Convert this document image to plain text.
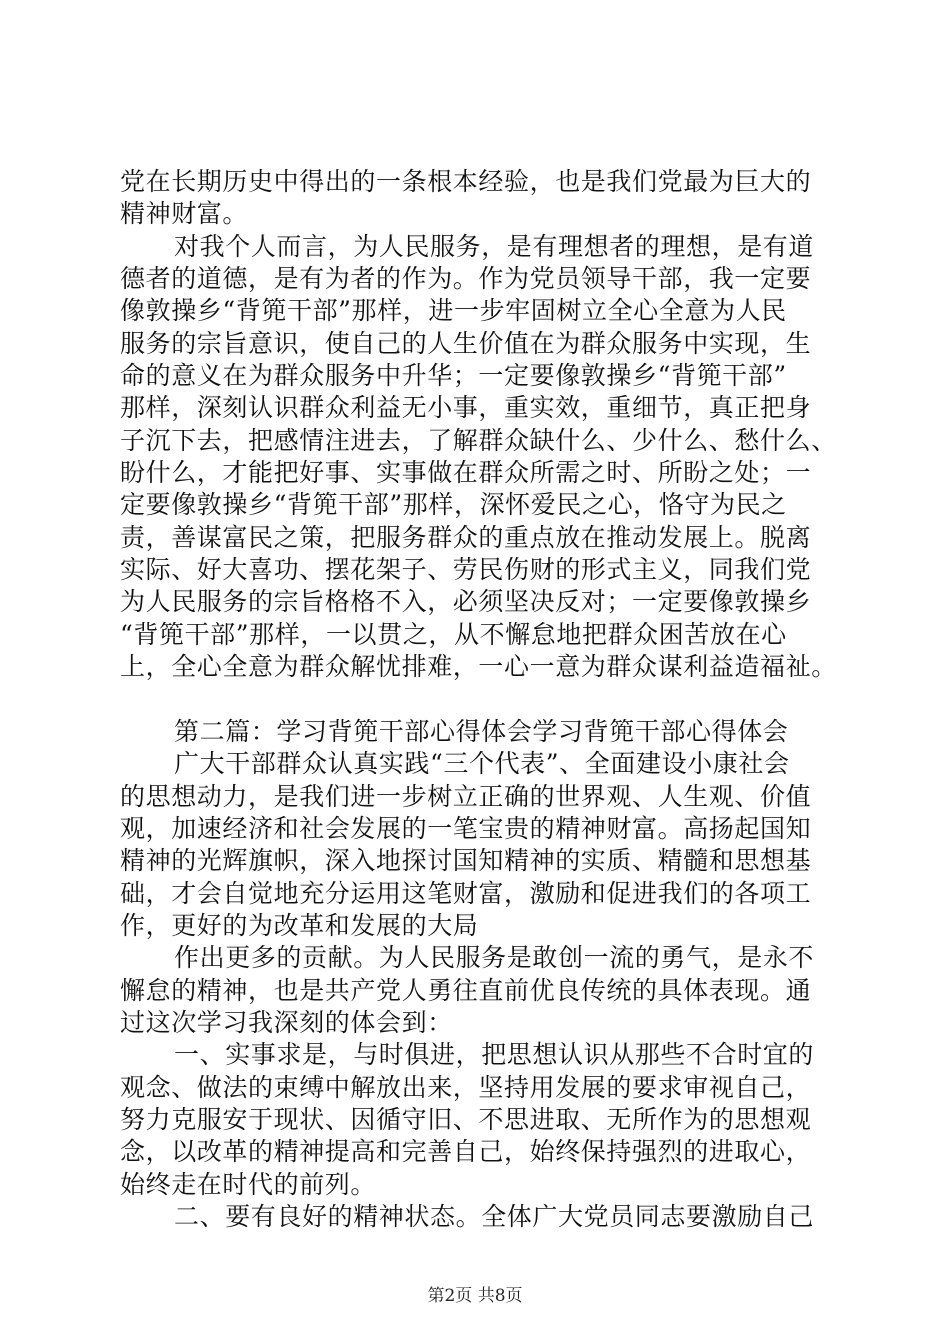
党在长期历史中得出的一条根本经验，也是我们党最为巨大的
精神财富。
对我个人而言，为人民服务，是有理想者的理想，是有道
德者的道德，是有为者的作为。作为党员领导干部，我一定要
像敦操乡“背篼干部”那样，进一步牢固树立全心全意为人民
服务的宗旨意识，使自己的人生价值在为群众服务中实现，生
命的意义在为群众服务中升华；一定要像敦操乡“背篼干部”
那样，深刻认识群众利益无小事，重实效，重细节，真正把身
子沉下去，把感情注进去，了解群众缺什么、少什么、愁什么、
盼什么，才能把好事、实事做在群众所需之时、所盼之处；一
定要像敦操乡“背篼干部”那样，深怀爱民之心，恪守为民之
责，善谋富民之策，把服务群众的重点放在推动发展上。脱离
实际、好大喜功、摆花架子、劳民伤财的形式主义，同我们党
为人民服务的宗旨格格不入，必须坚决反对；一定要像敦操乡
“背篼干部”那样，一以贯之，从不懈怠地把群众困苦放在心
上，全心全意为群众解忧排难，一心一意为群众谋利益造福祉。
第二篇：学习背篼干部心得体会学习背篼干部心得体会
广大干部群众认真实践“三个代表”、全面建设小康社会
的思想动力，是我们进一步树立正确的世界观、人生观、价值
观，加速经济和社会发展的一笔宝贵的精神财富。高扬起国知
精神的光辉旗帜，深入地探讨国知精神的实质、精髓和思想基
础，才会自觉地充分运用这笔财富，激励和促进我们的各项工
作，更好的为改革和发展的大局
作出更多的贡献。为人民服务是敢创一流的勇气，是永不
懈怠的精神，也是共产党人勇往直前优良传统的具体表现。通
过这次学习我深刻的体会到：
一、实事求是，与时俱进，把思想认识从那些不合时宜的
观念、做法的束缚中解放出来，坚持用发展的要求审视自己，
努力克服安于现状、因循守旧、不思进取、无所作为的思想观
念，以改革的精神提高和完善自己，始终保持强烈的进取心，
始终走在时代的前列。
二、要有良好的精神状态。全体广大党员同志要激励自己
第2页 共8页
